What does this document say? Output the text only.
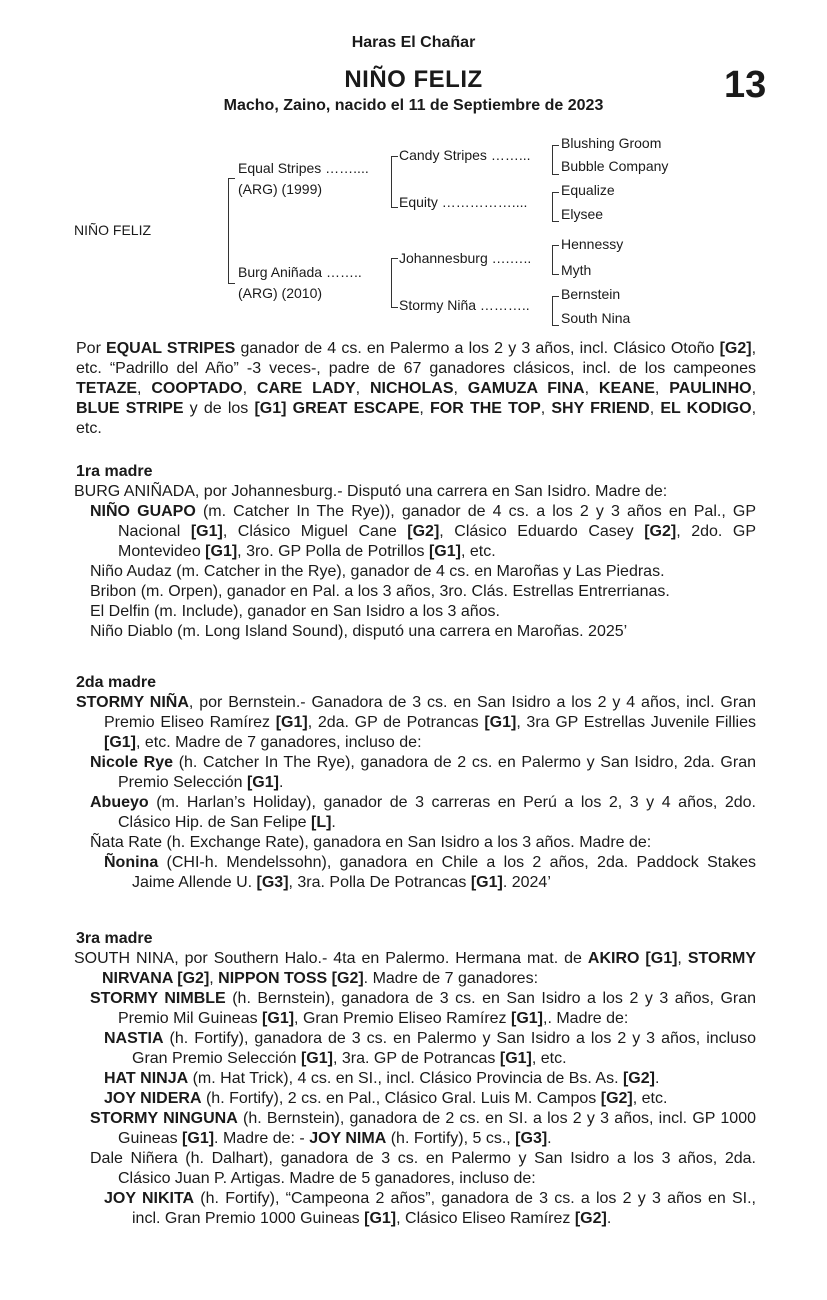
Haras El Chañar
NIÑO FELIZ	13
Macho, Zaino, nacido el 11 de Septiembre de 2023
NIÑO FELIZ
Equal Stripes ……....
(ARG) (1999)
Burg Aniñada ……..
(ARG) (2010)
Candy Stripes ……...
Equity ……………....
Johannesburg ….…..
Stormy Niña ………..
Blushing Groom
Bubble Company
Equalize
Elysee
Hennessy
Myth
Bernstein
South Nina
Por EQUAL STRIPES ganador de 4 cs. en Palermo a los 2 y 3 años, incl. Clásico Otoño [G2], etc. “Padrillo del Año” -3 veces-, padre de 67 ganadores clásicos, incl. de los campeones TETAZE, COOPTADO, CARE LADY, NICHOLAS, GAMUZA FINA, KEANE, PAULINHO, BLUE STRIPE y de los [G1] GREAT ESCAPE, FOR THE TOP, SHY FRIEND, EL KODIGO, etc.
1ra madre
BURG ANIÑADA, por Johannesburg.- Disputó una carrera en San Isidro. Madre de:
NIÑO GUAPO (m. Catcher In The Rye)), ganador de 4 cs. a los 2 y 3 años en Pal., GP Nacional [G1], Clásico Miguel Cane [G2], Clásico Eduardo Casey [G2], 2do. GP Montevideo [G1], 3ro. GP Polla de Potrillos [G1], etc.
Niño Audaz (m. Catcher in the Rye), ganador de 4 cs. en Maroñas y Las Piedras.
Bribon (m. Orpen), ganador en Pal. a los 3 años, 3ro. Clás. Estrellas Entrerrianas.
El Delfin (m. Include), ganador en San Isidro a los 3 años.
Niño Diablo (m. Long Island Sound), disputó una carrera en Maroñas. 2025’
2da madre
STORMY NIÑA, por Bernstein.- Ganadora de 3 cs. en San Isidro a los 2 y 4 años, incl. Gran Premio Eliseo Ramírez [G1], 2da. GP de Potrancas [G1], 3ra GP Estrellas Juvenile Fillies [G1], etc. Madre de 7 ganadores, incluso de:
Nicole Rye (h. Catcher In The Rye), ganadora de 2 cs. en Palermo y San Isidro, 2da. Gran Premio Selección [G1].
Abueyo (m. Harlan’s Holiday), ganador de 3 carreras en Perú a los 2, 3 y 4 años, 2do. Clásico Hip. de San Felipe [L].
Ñata Rate (h. Exchange Rate), ganadora en San Isidro a los 3 años. Madre de:
Ñonina (CHI-h. Mendelssohn), ganadora en Chile a los 2 años, 2da. Paddock Stakes Jaime Allende U. [G3], 3ra. Polla De Potrancas [G1]. 2024’
3ra madre
SOUTH NINA, por Southern Halo.- 4ta en Palermo. Hermana mat. de AKIRO [G1], STORMY NIRVANA [G2], NIPPON TOSS [G2]. Madre de 7 ganadores:
STORMY NIMBLE (h. Bernstein), ganadora de 3 cs. en San Isidro a los 2 y 3 años, Gran Premio Mil Guineas [G1], Gran Premio Eliseo Ramírez [G1],. Madre de:
NASTIA (h. Fortify), ganadora de 3 cs. en Palermo y San Isidro a los 2 y 3 años, incluso Gran Premio Selección [G1], 3ra. GP de Potrancas [G1], etc.
HAT NINJA (m. Hat Trick), 4 cs. en SI., incl. Clásico Provincia de Bs. As. [G2].
JOY NIDERA (h. Fortify), 2 cs. en Pal., Clásico Gral. Luis M. Campos [G2], etc.
STORMY NINGUNA (h. Bernstein), ganadora de 2 cs. en SI. a los 2 y 3 años, incl. GP 1000 Guineas [G1]. Madre de: - JOY NIMA (h. Fortify), 5 cs., [G3].
Dale Niñera (h. Dalhart), ganadora de 3 cs. en Palermo y San Isidro a los 3 años, 2da. Clásico Juan P. Artigas. Madre de 5 ganadores, incluso de:
JOY NIKITA (h. Fortify), “Campeona 2 años”, ganadora de 3 cs. a los 2 y 3 años en SI., incl. Gran Premio 1000 Guineas [G1], Clásico Eliseo Ramírez [G2].
